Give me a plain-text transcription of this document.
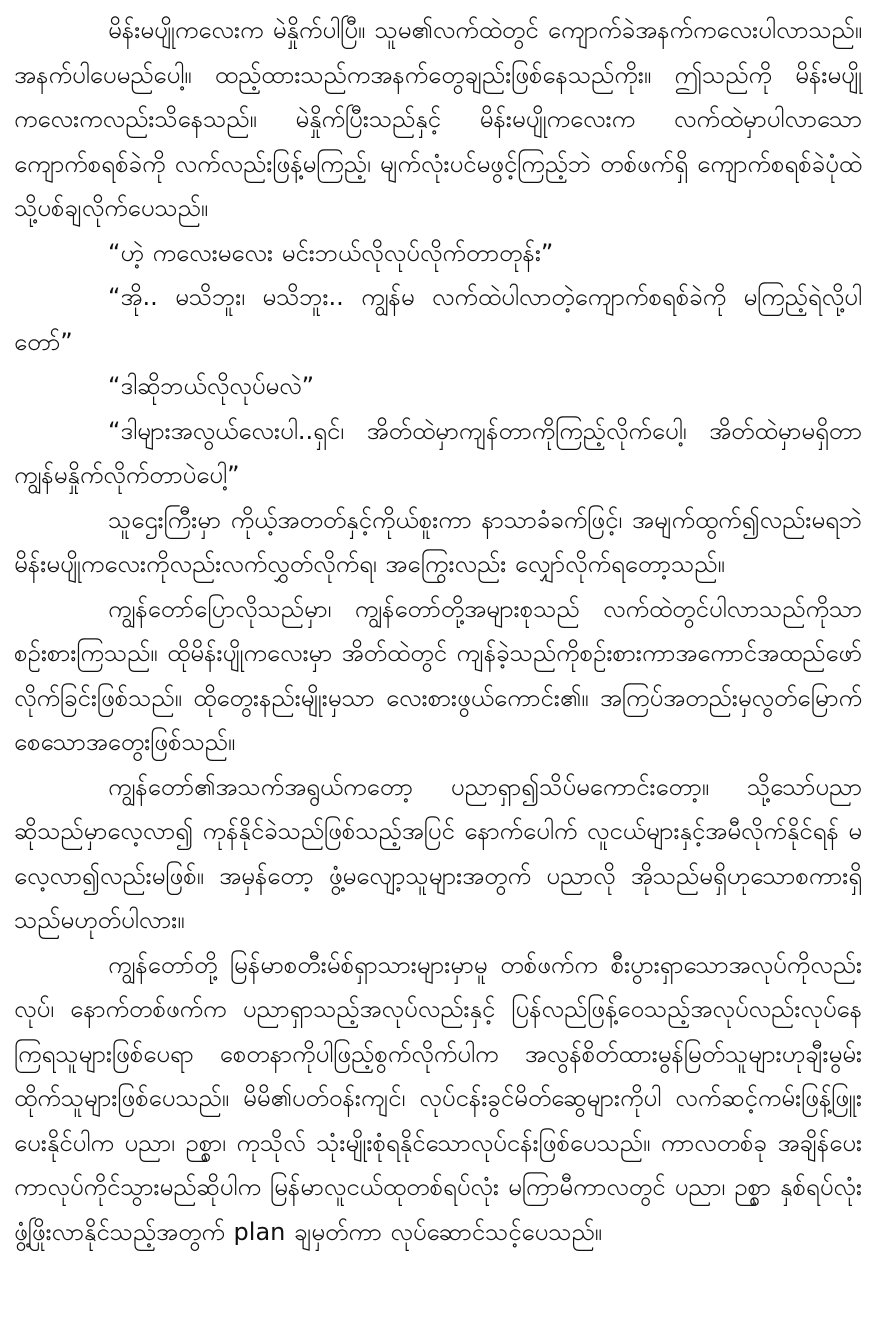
မိန်းမပျိုကလေးက မဲနှိုက်ပါပြီ။ သူမ၏လက်ထဲတွင် ကျောက်ခဲအနက်ကလေးပါလာသည်။ အနက်ပါပေမည်ပေါ့။ ထည့်ထားသည်ကအနက်တွေချည်းဖြစ်နေသည်ကိုး။ ဤသည်ကို မိန်းမပျိုကလေးကလည်းသိနေသည်။ မဲနှိုက်ပြီးသည်နှင့် မိန်းမပျိုကလေးက လက်ထဲမှာပါလာသော ကျောက်စရစ်ခဲကို လက်လည်းဖြန့်မကြည့်၊ မျက်လုံးပင်မဖွင့်ကြည့်ဘဲ တစ်ဖက်ရှိ ကျောက်စရစ်ခဲပုံထဲသို့ပစ်ချလိုက်ပေသည်။

“ဟဲ့ ကလေးမလေး မင်းဘယ်လိုလုပ်လိုက်တာတုန်း”

“အို.. မသိဘူး၊ မသိဘူး.. ကျွန်မ လက်ထဲပါလာတဲ့ကျောက်စရစ်ခဲကို မကြည့်ရဲလို့ပါတော်”

“ဒါဆိုဘယ်လိုလုပ်မလဲ”

“ဒါများအလွယ်လေးပါ..ရှင်၊ အိတ်ထဲမှာကျန်တာကိုကြည့်လိုက်ပေါ့၊ အိတ်ထဲမှာမရှိတာ ကျွန်မနှိုက်လိုက်တာပဲပေါ့”

သူဌေးကြီးမှာ ကိုယ့်အတတ်နှင့်ကိုယ်စူးကာ နာသာခံခက်ဖြင့်၊ အမျက်ထွက်၍လည်းမရဘဲ မိန်းမပျိုကလေးကိုလည်းလက်လွှတ်လိုက်ရ၊ အကြွေးလည်း လျှော်လိုက်ရတော့သည်။

ကျွန်တော်ပြောလိုသည်မှာ၊ ကျွန်တော်တို့အများစုသည် လက်ထဲတွင်ပါလာသည်ကိုသာစဉ်းစားကြသည်။ ထိုမိန်းပျိုကလေးမှာ အိတ်ထဲတွင် ကျန်ခဲ့သည်ကိုစဉ်းစားကာအကောင်အထည်ဖော်လိုက်ခြင်းဖြစ်သည်။ ထိုတွေးနည်းမျိုးမှသာ လေးစားဖွယ်ကောင်း၏။ အကြပ်အတည်းမှလွတ်မြောက်စေသောအတွေးဖြစ်သည်။

ကျွန်တော်၏အသက်အရွယ်ကတော့ ပညာရှာ၍သိပ်မကောင်းတော့။ သို့သော်ပညာဆိုသည်မှာလေ့လာ၍ ကုန်နိုင်ခဲသည်ဖြစ်သည့်အပြင် နောက်ပေါက် လူငယ်များနှင့်အမီလိုက်နိုင်ရန် မလေ့လာ၍လည်းမဖြစ်။ အမှန်တော့ ဖွံ့မလျော့သူများအတွက် ပညာလို အိုသည်မရှိဟုသောစကားရှိသည်မဟုတ်ပါလား။

ကျွန်တော်တို့ မြန်မာစတီးမ်စ်ရှာသားများမှာမူ တစ်ဖက်က စီးပွားရှာသောအလုပ်ကိုလည်းလုပ်၊ နောက်တစ်ဖက်က ပညာရှာသည့်အလုပ်လည်းနှင့် ပြန်လည်ဖြန့်ဝေသည့်အလုပ်လည်းလုပ်နေကြရသူများဖြစ်ပေရာ စေတနာကိုပါဖြည့်စွက်လိုက်ပါက အလွန်စိတ်ထားမွန်မြတ်သူများဟုချီးမွမ်းထိုက်သူများဖြစ်ပေသည်။ မိမိ၏ပတ်ဝန်းကျင်၊ လုပ်ငန်းခွင်မိတ်ဆွေများကိုပါ လက်ဆင့်ကမ်းဖြန့်ဖြူးပေးနိုင်ပါက ပညာ၊ ဉစ္စာ၊ ကုသိုလ် သုံးမျိုးစုံရနိုင်သောလုပ်ငန်းဖြစ်ပေသည်။ ကာလတစ်ခု အချိန်ပေးကာလုပ်ကိုင်သွားမည်ဆိုပါက မြန်မာလူငယ်ထုတစ်ရပ်လုံး မကြာမီကာလတွင် ပညာ၊ ဉစ္စာ နှစ်ရပ်လုံးဖွံ့ဖြိုးလာနိုင်သည့်အတွက် plan ချမှတ်ကာ လုပ်ဆောင်သင့်ပေသည်။
